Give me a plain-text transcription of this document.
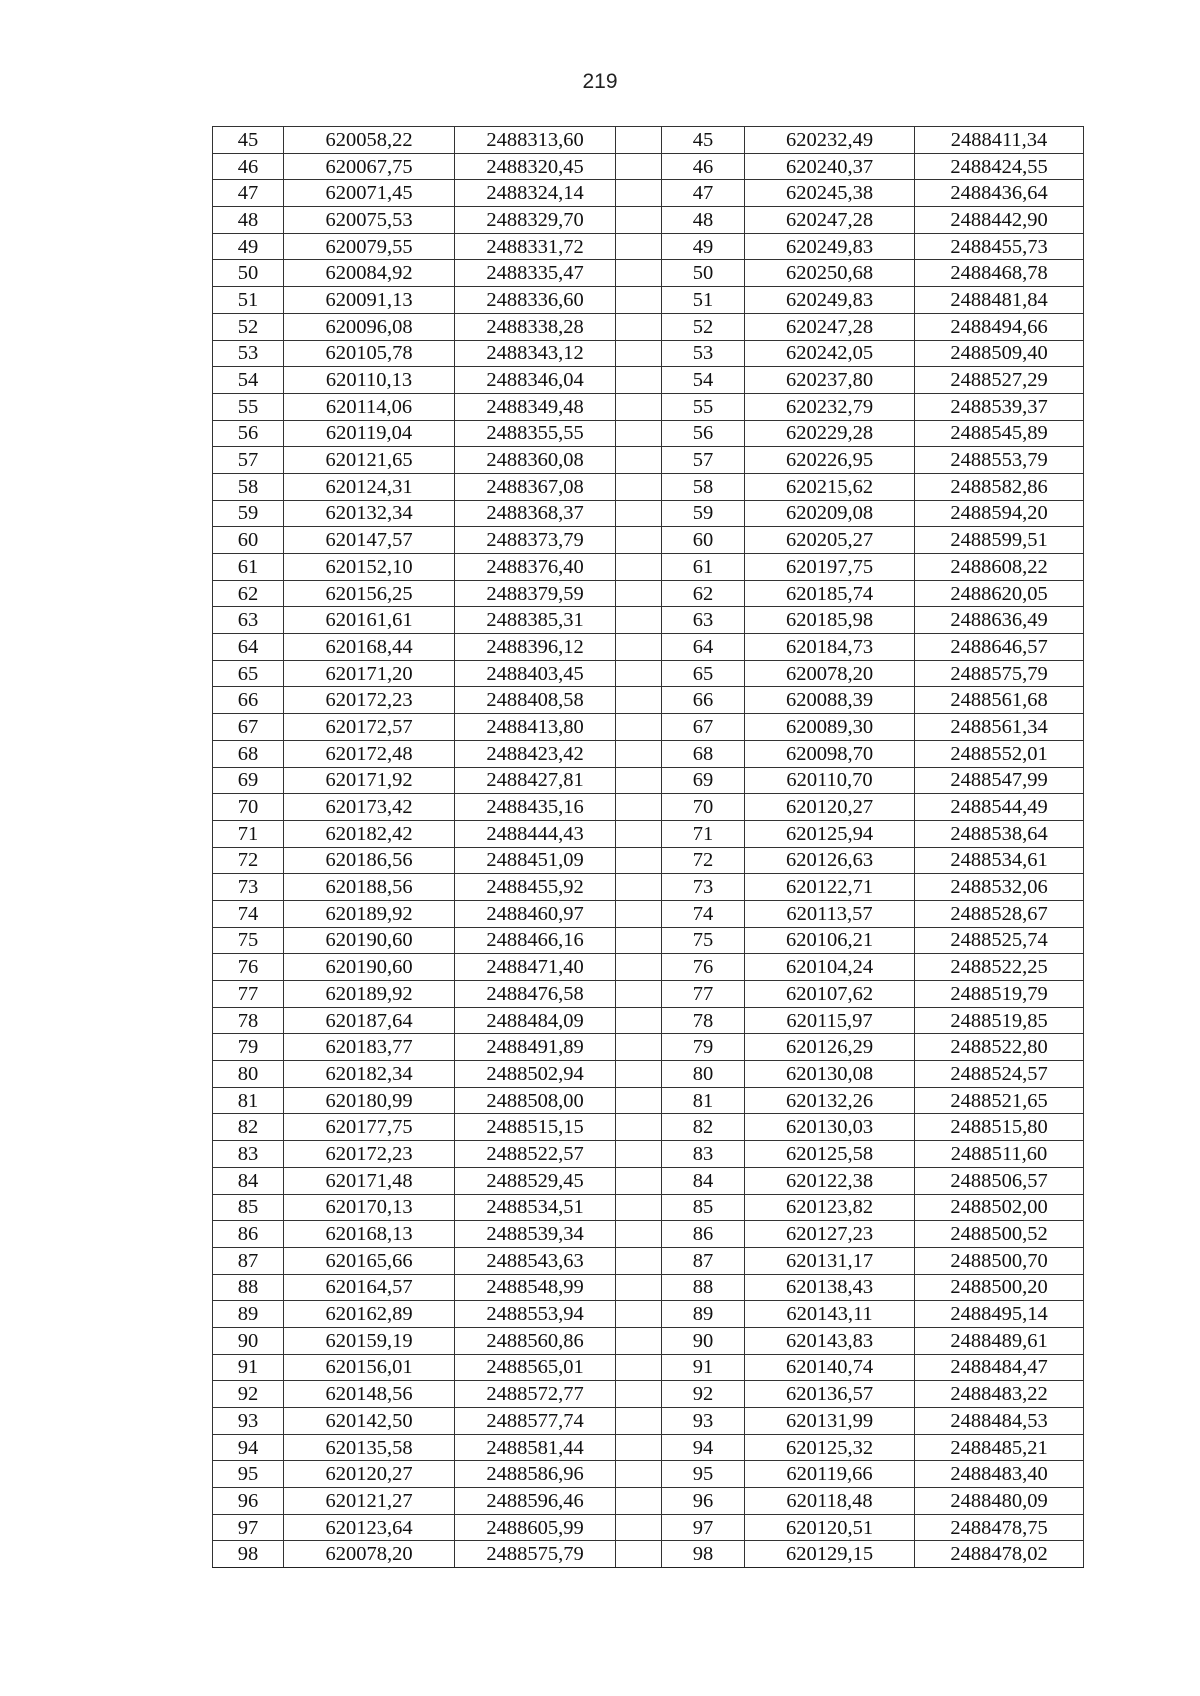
219
45	620058,22	2488313,60		45	620232,49	2488411,34
46	620067,75	2488320,45		46	620240,37	2488424,55
47	620071,45	2488324,14		47	620245,38	2488436,64
48	620075,53	2488329,70		48	620247,28	2488442,90
49	620079,55	2488331,72		49	620249,83	2488455,73
50	620084,92	2488335,47		50	620250,68	2488468,78
51	620091,13	2488336,60		51	620249,83	2488481,84
52	620096,08	2488338,28		52	620247,28	2488494,66
53	620105,78	2488343,12		53	620242,05	2488509,40
54	620110,13	2488346,04		54	620237,80	2488527,29
55	620114,06	2488349,48		55	620232,79	2488539,37
56	620119,04	2488355,55		56	620229,28	2488545,89
57	620121,65	2488360,08		57	620226,95	2488553,79
58	620124,31	2488367,08		58	620215,62	2488582,86
59	620132,34	2488368,37		59	620209,08	2488594,20
60	620147,57	2488373,79		60	620205,27	2488599,51
61	620152,10	2488376,40		61	620197,75	2488608,22
62	620156,25	2488379,59		62	620185,74	2488620,05
63	620161,61	2488385,31		63	620185,98	2488636,49
64	620168,44	2488396,12		64	620184,73	2488646,57
65	620171,20	2488403,45		65	620078,20	2488575,79
66	620172,23	2488408,58		66	620088,39	2488561,68
67	620172,57	2488413,80		67	620089,30	2488561,34
68	620172,48	2488423,42		68	620098,70	2488552,01
69	620171,92	2488427,81		69	620110,70	2488547,99
70	620173,42	2488435,16		70	620120,27	2488544,49
71	620182,42	2488444,43		71	620125,94	2488538,64
72	620186,56	2488451,09		72	620126,63	2488534,61
73	620188,56	2488455,92		73	620122,71	2488532,06
74	620189,92	2488460,97		74	620113,57	2488528,67
75	620190,60	2488466,16		75	620106,21	2488525,74
76	620190,60	2488471,40		76	620104,24	2488522,25
77	620189,92	2488476,58		77	620107,62	2488519,79
78	620187,64	2488484,09		78	620115,97	2488519,85
79	620183,77	2488491,89		79	620126,29	2488522,80
80	620182,34	2488502,94		80	620130,08	2488524,57
81	620180,99	2488508,00		81	620132,26	2488521,65
82	620177,75	2488515,15		82	620130,03	2488515,80
83	620172,23	2488522,57		83	620125,58	2488511,60
84	620171,48	2488529,45		84	620122,38	2488506,57
85	620170,13	2488534,51		85	620123,82	2488502,00
86	620168,13	2488539,34		86	620127,23	2488500,52
87	620165,66	2488543,63		87	620131,17	2488500,70
88	620164,57	2488548,99		88	620138,43	2488500,20
89	620162,89	2488553,94		89	620143,11	2488495,14
90	620159,19	2488560,86		90	620143,83	2488489,61
91	620156,01	2488565,01		91	620140,74	2488484,47
92	620148,56	2488572,77		92	620136,57	2488483,22
93	620142,50	2488577,74		93	620131,99	2488484,53
94	620135,58	2488581,44		94	620125,32	2488485,21
95	620120,27	2488586,96		95	620119,66	2488483,40
96	620121,27	2488596,46		96	620118,48	2488480,09
97	620123,64	2488605,99		97	620120,51	2488478,75
98	620078,20	2488575,79		98	620129,15	2488478,02
